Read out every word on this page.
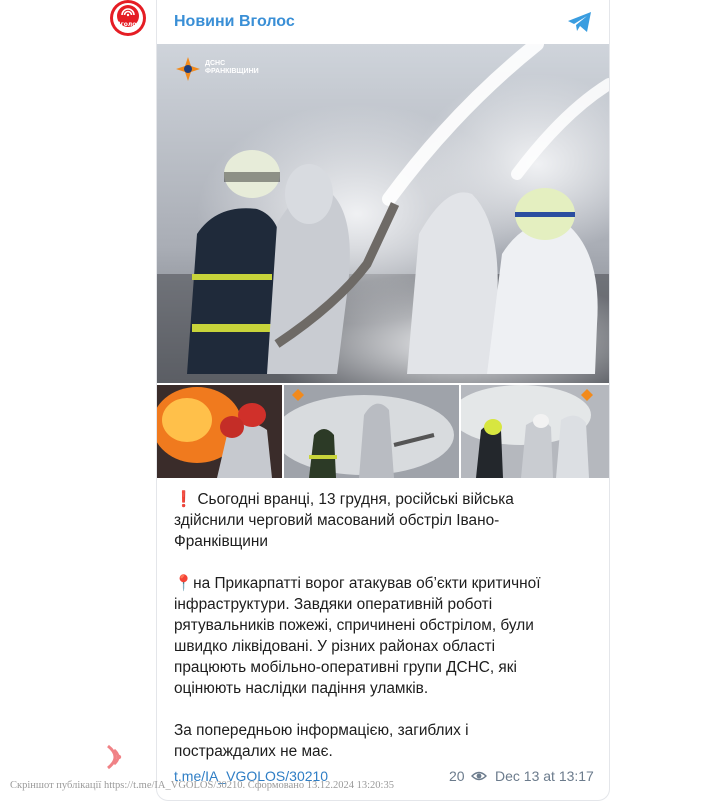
Вголос	Новини Вголос
ДСНС
ФРАНКІВЩИНИ

❗️ Сьогодні вранці, 13 грудня, російські війська
здійснили черговий масований обстріл Івано-
Франківщини

📍на Прикарпатті ворог атакував об’єкти критичної
інфраструктури. Завдяки оперативній роботі
рятувальників пожежі, спричинені обстрілом, були
швидко ліквідовані. У різних районах області
працюють мобільно-оперативні групи ДСНС, які
оцінюють наслідки падіння уламків.

За попередньою інформацією, загиблих і
постраждалих не має.

t.me/IA_VGOLOS/30210	20 Dec 13 at 13:17
Скріншот публікації https://t.me/IA_VGOLOS/30210. Сформовано 13.12.2024 13:20:35
